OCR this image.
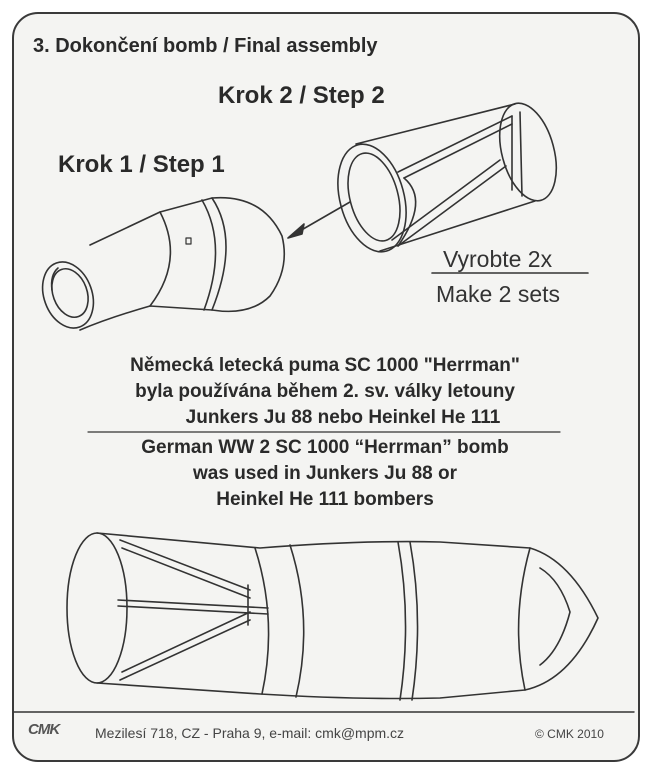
3. Dokončení bomb / Final assembly
Krok 2 / Step 2
Krok 1 / Step 1
Vyrobte 2x
Make 2 sets
Německá letecká puma SC 1000 "Herrman"
byla používána během 2. sv. války letouny
Junkers Ju 88 nebo Heinkel He 111
German WW 2 SC 1000 “Herrman” bomb
was used in Junkers Ju 88 or
Heinkel He 111 bombers
CMK	Mezilesí 718, CZ - Praha 9, e-mail: cmk@mpm.cz	© CMK 2010
